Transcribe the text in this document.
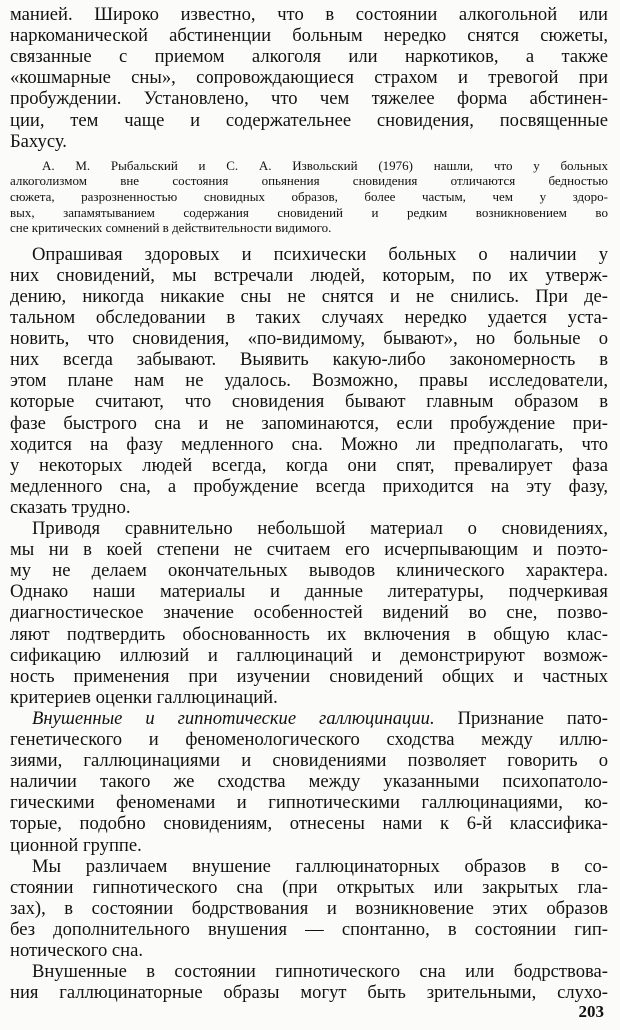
манией. Широко известно, что в состоянии алкогольной или
наркоманической абстиненции больным нередко снятся сюжеты,
связанные с приемом алкоголя или наркотиков, а также
«кошмарные сны», сопровождающиеся страхом и тревогой при
пробуждении. Установлено, что чем тяжелее форма абстинен-
ции, тем чаще и содержательнее сновидения, посвященные
Бахусу.
А. М. Рыбальский и С. А. Извольский (1976) нашли, что у больных
алкоголизмом вне состояния опьянения сновидения отличаются бедностью
сюжета, разрозненностью сновидных образов, более частым, чем у здоро-
вых, запамятыванием содержания сновидений и редким возникновением во
сне критических сомнений в действительности видимого.
Опрашивая здоровых и психически больных о наличии у
них сновидений, мы встречали людей, которым, по их утверж-
дению, никогда никакие сны не снятся и не снились. При де-
тальном обследовании в таких случаях нередко удается уста-
новить, что сновидения, «по-видимому, бывают», но больные о
них всегда забывают. Выявить какую-либо закономерность в
этом плане нам не удалось. Возможно, правы исследователи,
которые считают, что сновидения бывают главным образом в
фазе быстрого сна и не запоминаются, если пробуждение при-
ходится на фазу медленного сна. Можно ли предполагать, что
у некоторых людей всегда, когда они спят, превалирует фаза
медленного сна, а пробуждение всегда приходится на эту фазу,
сказать трудно.
Приводя сравнительно небольшой материал о сновидениях,
мы ни в коей степени не считаем его исчерпывающим и поэто-
му не делаем окончательных выводов клинического характера.
Однако наши материалы и данные литературы, подчеркивая
диагностическое значение особенностей видений во сне, позво-
ляют подтвердить обоснованность их включения в общую клас-
сификацию иллюзий и галлюцинаций и демонстрируют возмож-
ность применения при изучении сновидений общих и частных
критериев оценки галлюцинаций.
Внушенные и гипнотические галлюцинации. Признание пато-
генетического и феноменологического сходства между иллю-
зиями, галлюцинациями и сновидениями позволяет говорить о
наличии такого же сходства между указанными психопатоло-
гическими феноменами и гипнотическими галлюцинациями, ко-
торые, подобно сновидениям, отнесены нами к 6-й классифика-
ционной группе.
203
Мы различаем внушение галлюцинаторных образов в со-
стоянии гипнотического сна (при открытых или закрытых гла-
зах), в состоянии бодрствования и возникновение этих образов
без дополнительного внушения — спонтанно, в состоянии гип-
нотического сна.
Внушенные в состоянии гипнотического сна или бодрствова-
ния галлюцинаторные образы могут быть зрительными, слухо-
